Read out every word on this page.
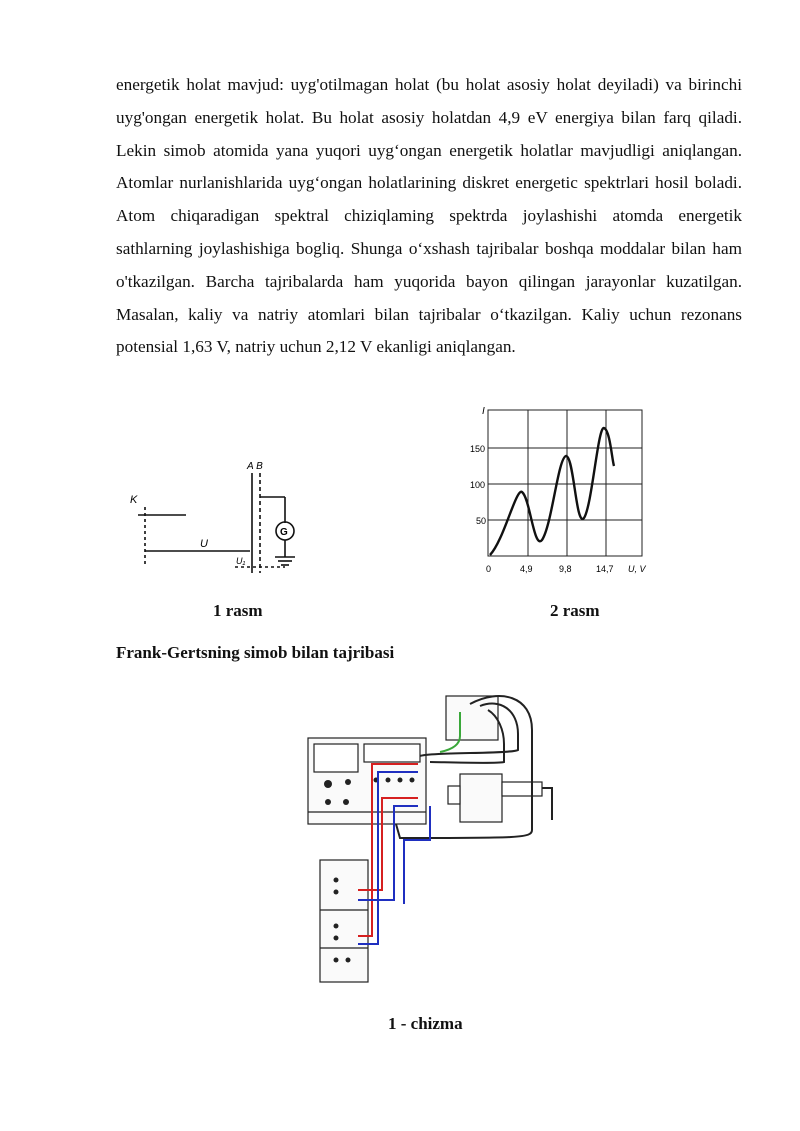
energetik holat mavjud: uyg'otilmagan holat (bu holat asosiy holat deyiladi) va birinchi uyg'ongan energetik holat. Bu holat asosiy holatdan 4,9 eV energiya bilan farq qiladi. Lekin simob atomida yana yuqori uyg‘ongan energetik holatlar mavjudligi aniqlangan. Atomlar nurlanishlarida uyg‘ongan holatlarining diskret energetic spektrlari hosil boladi. Atom chiqaradigan spektral chiziqlaming spektrda joylashishi atomda energetik sathlarning joylashishiga bogliq. Shunga o‘xshash tajribalar boshqa moddalar bilan ham o'tkazilgan. Barcha tajribalarda ham yuqorida bayon qilingan jarayonlar kuzatilgan. Masalan, kaliy va natriy atomlari bilan tajribalar o‘tkazilgan. Kaliy uchun rezonans potensial 1,63 V, natriy uchun 2,12 V ekanligi aniqlangan.

K
A B
U
U₁
G
I
150
100
50
0	4,9	9,8	14,7 U, V
1 rasm	2 rasm
Frank-Gertsning simob bilan tajribasi
1 - chizma
